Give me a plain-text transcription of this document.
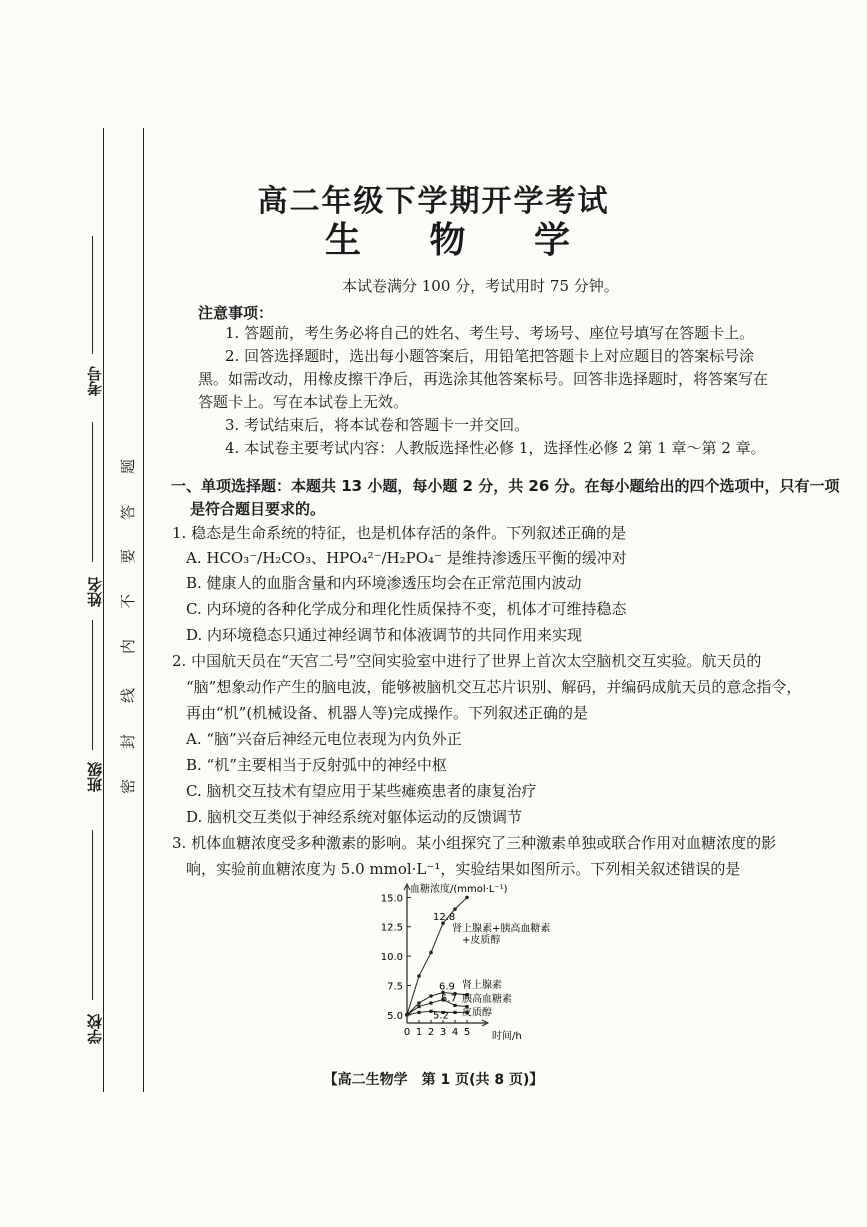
考号
姓名
班级
学校
题
答
要
不
内
线
封
密
高二年级下学期开学考试
生 物 学
本试卷满分 100 分，考试用时 75 分钟。
注意事项：
1. 答题前，考生务必将自己的姓名、考生号、考场号、座位号填写在答题卡上。
2. 回答选择题时，选出每小题答案后，用铅笔把答题卡上对应题目的答案标号涂
黑。如需改动，用橡皮擦干净后，再选涂其他答案标号。回答非选择题时，将答案写在
答题卡上。写在本试卷上无效。
3. 考试结束后，将本试卷和答题卡一并交回。
4. 本试卷主要考试内容：人教版选择性必修 1，选择性必修 2 第 1 章～第 2 章。
一、单项选择题：本题共 13 小题，每小题 2 分，共 26 分。在每小题给出的四个选项中，只有一项
是符合题目要求的。
1. 稳态是生命系统的特征，也是机体存活的条件。下列叙述正确的是
A. HCO₃⁻/H₂CO₃、HPO₄²⁻/H₂PO₄⁻ 是维持渗透压平衡的缓冲对
B. 健康人的血脂含量和内环境渗透压均会在正常范围内波动
C. 内环境的各种化学成分和理化性质保持不变，机体才可维持稳态
D. 内环境稳态只通过神经调节和体液调节的共同作用来实现
2. 中国航天员在“天宫二号”空间实验室中进行了世界上首次太空脑机交互实验。航天员的
“脑”想象动作产生的脑电波，能够被脑机交互芯片识别、解码，并编码成航天员的意念指令，
再由“机”(机械设备、机器人等)完成操作。下列叙述正确的是
A. “脑”兴奋后神经元电位表现为内负外正
B. “机”主要相当于反射弧中的神经中枢
C. 脑机交互技术有望应用于某些瘫痪患者的康复治疗
D. 脑机交互类似于神经系统对躯体运动的反馈调节
3. 机体血糖浓度受多种激素的影响。某小组探究了三种激素单独或联合作用对血糖浓度的影
响，实验前血糖浓度为 5.0 mmol·L⁻¹，实验结果如图所示。下列相关叙述错误的是
5.0
7.5
10.0
12.5
15.0
0 1 2 3 4 5
血糖浓度/(mmol·L⁻¹)
时间/h
12.8
6.9
5.7
5.2
肾上腺素+胰高血糖素
+皮质醇
肾上腺素
胰高血糖素
皮质醇
【高二生物学　第 1 页(共 8 页)】
